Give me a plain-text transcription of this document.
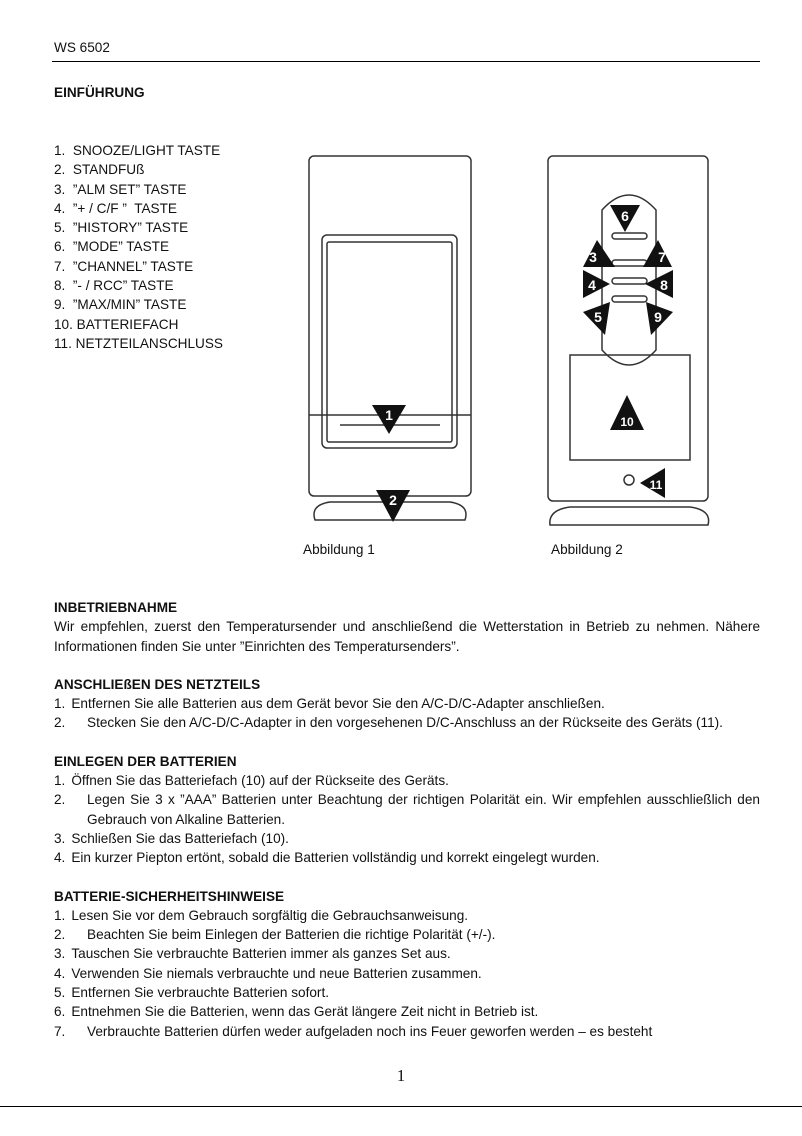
WS 6502
EINFÜHRUNG
1.  SNOOZE/LIGHT TASTE
2.  STANDFUß
3.  ”ALM SET” TASTE
4.  ”+ / C/F ”  TASTE
5.  ”HISTORY” TASTE
6.  ”MODE” TASTE
7.  ”CHANNEL” TASTE
8.  ”- / RCC” TASTE
9.  ”MAX/MIN” TASTE
10. BATTERIEFACH
11. NETZTEILANSCHLUSS
1
2
6
3	7
4	8
5	9
10
11
Abbildung 1	Abbildung 2
INBETRIEBNAHME

Wir empfehlen, zuerst den Temperatursender und anschließend die Wetterstation in Betrieb zu nehmen. Nähere Informationen finden Sie unter ”Einrichten des Temperatursenders”.

ANSCHLIEßEN DES NETZTEILS
1. Entfernen Sie alle Batterien aus dem Gerät bevor Sie den A/C-D/C-Adapter anschließen.
2.	Stecken Sie den A/C-D/C-Adapter in den vorgesehenen D/C-Anschluss an der Rückseite des Geräts (11).
EINLEGEN DER BATTERIEN
1. Öffnen Sie das Batteriefach (10) auf der Rückseite des Geräts.
2.	Legen Sie 3 x ”AAA” Batterien unter Beachtung der richtigen Polarität ein. Wir empfehlen ausschließlich den Gebrauch von Alkaline Batterien.
3. Schließen Sie das Batteriefach (10).
4. Ein kurzer Piepton ertönt, sobald die Batterien vollständig und korrekt eingelegt wurden.
BATTERIE-SICHERHEITSHINWEISE
1. Lesen Sie vor dem Gebrauch sorgfältig die Gebrauchsanweisung.
2.	Beachten Sie beim Einlegen der Batterien die richtige Polarität (+/-).
3. Tauschen Sie verbrauchte Batterien immer als ganzes Set aus.
4. Verwenden Sie niemals verbrauchte und neue Batterien zusammen.
5. Entfernen Sie verbrauchte Batterien sofort.
6. Entnehmen Sie die Batterien, wenn das Gerät längere Zeit nicht in Betrieb ist.
7.	Verbrauchte Batterien dürfen weder aufgeladen noch ins Feuer geworfen werden – es besteht
1
